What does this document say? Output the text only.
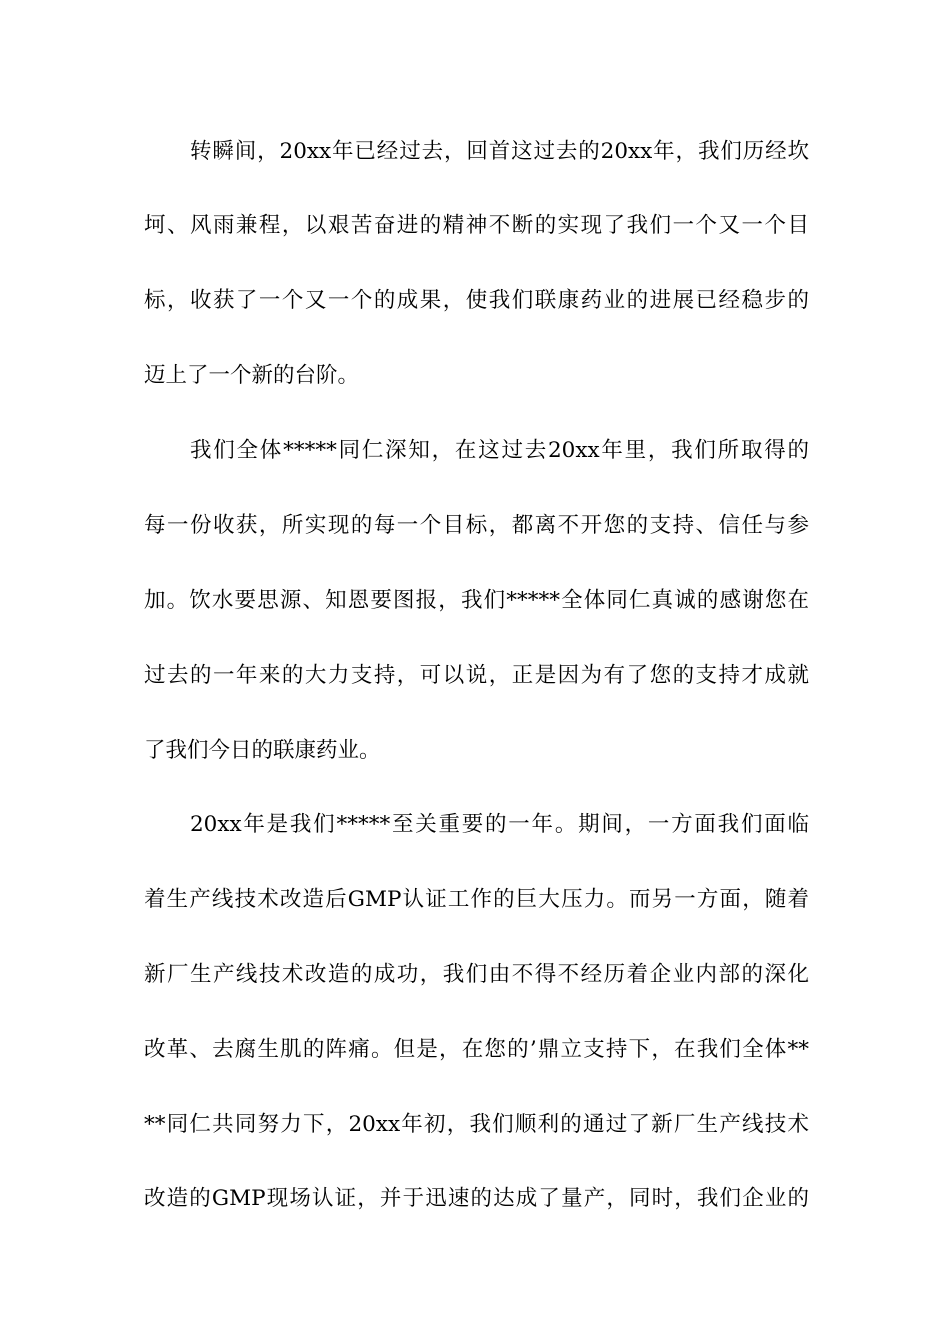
转瞬间，20xx年已经过去，回首这过去的20xx年，我们历经坎
坷、风雨兼程，以艰苦奋进的精神不断的实现了我们一个又一个目
标，收获了一个又一个的成果，使我们联康药业的进展已经稳步的
迈上了一个新的台阶。
我们全体*****同仁深知，在这过去20xx年里，我们所取得的
每一份收获，所实现的每一个目标，都离不开您的支持、信任与参
加。饮水要思源、知恩要图报，我们*****全体同仁真诚的感谢您在
过去的一年来的大力支持，可以说，正是因为有了您的支持才成就
了我们今日的联康药业。
20xx年是我们*****至关重要的一年。期间，一方面我们面临
着生产线技术改造后GMP认证工作的巨大压力。而另一方面，随着
新厂生产线技术改造的成功，我们由不得不经历着企业内部的深化
改革、去腐生肌的阵痛。但是，在您的’鼎立支持下，在我们全体**
**同仁共同努力下，20xx年初，我们顺利的通过了新厂生产线技术
改造的GMP现场认证，并于迅速的达成了量产，同时，我们企业的
